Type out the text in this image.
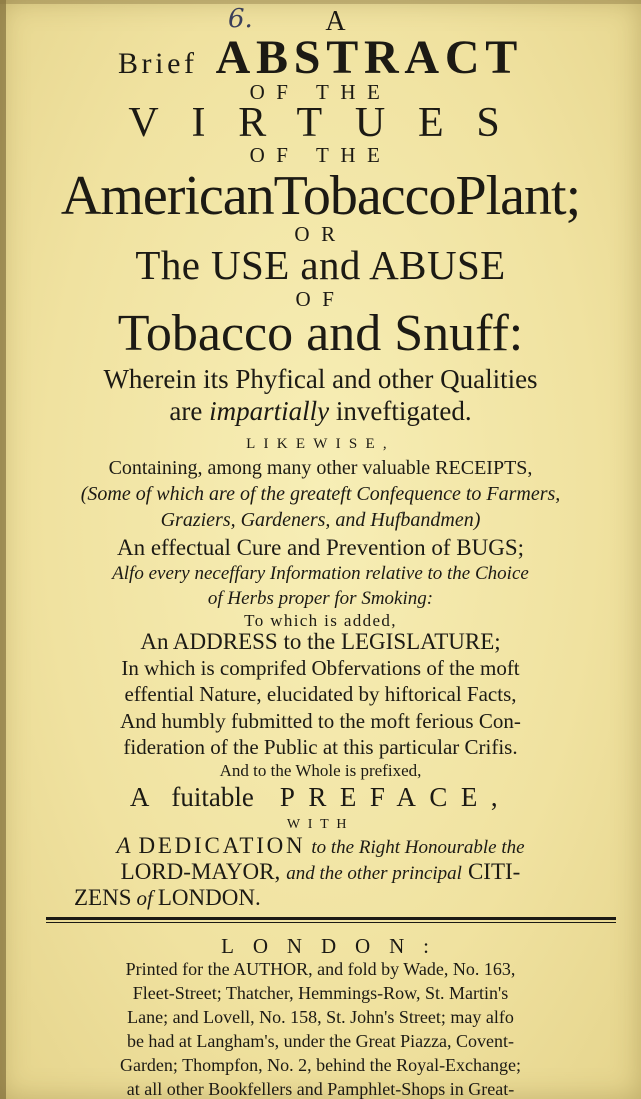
6.	A
Brief ABSTRACT
OF THE
VIRTUES
OF THE
AmericanTobaccoPlant;
OR
The USE and ABUSE
OF
Tobacco and Snuff:
Wherein its Phyfical and other Qualities
are impartially inveftigated.
LIKEWISE,
Containing, among many other valuable RECEIPTS,
(Some of which are of the greateft Confequence to Farmers,
Graziers, Gardeners, and Hufbandmen)
An effectual Cure and Prevention of BUGS;
Alfo every neceffary Information relative to the Choice
of Herbs proper for Smoking:
To which is added,
An ADDRESS to the LEGISLATURE;
In which is comprifed Obfervations of the moft
effential Nature, elucidated by hiftorical Facts,
And humbly fubmitted to the moft ferious Con-
fideration of the Public at this particular Crifis.
And to the Whole is prefixed,
A fuitable PREFACE,
WITH
A DEDICATION to the Right Honourable the
LORD-MAYOR, and the other principal CITI-
ZENS of LONDON.
LONDON:
Printed for the AUTHOR, and fold by Wade, No. 163,
Fleet-Street; Thatcher, Hemmings-Row, St. Martin's
Lane; and Lovell, No. 158, St. John's Street; may alfo
be had at Langham's, under the Great Piazza, Covent-
Garden; Thompfon, No. 2, behind the Royal-Exchange;
at all other Bookfellers and Pamphlet-Shops in Great-
